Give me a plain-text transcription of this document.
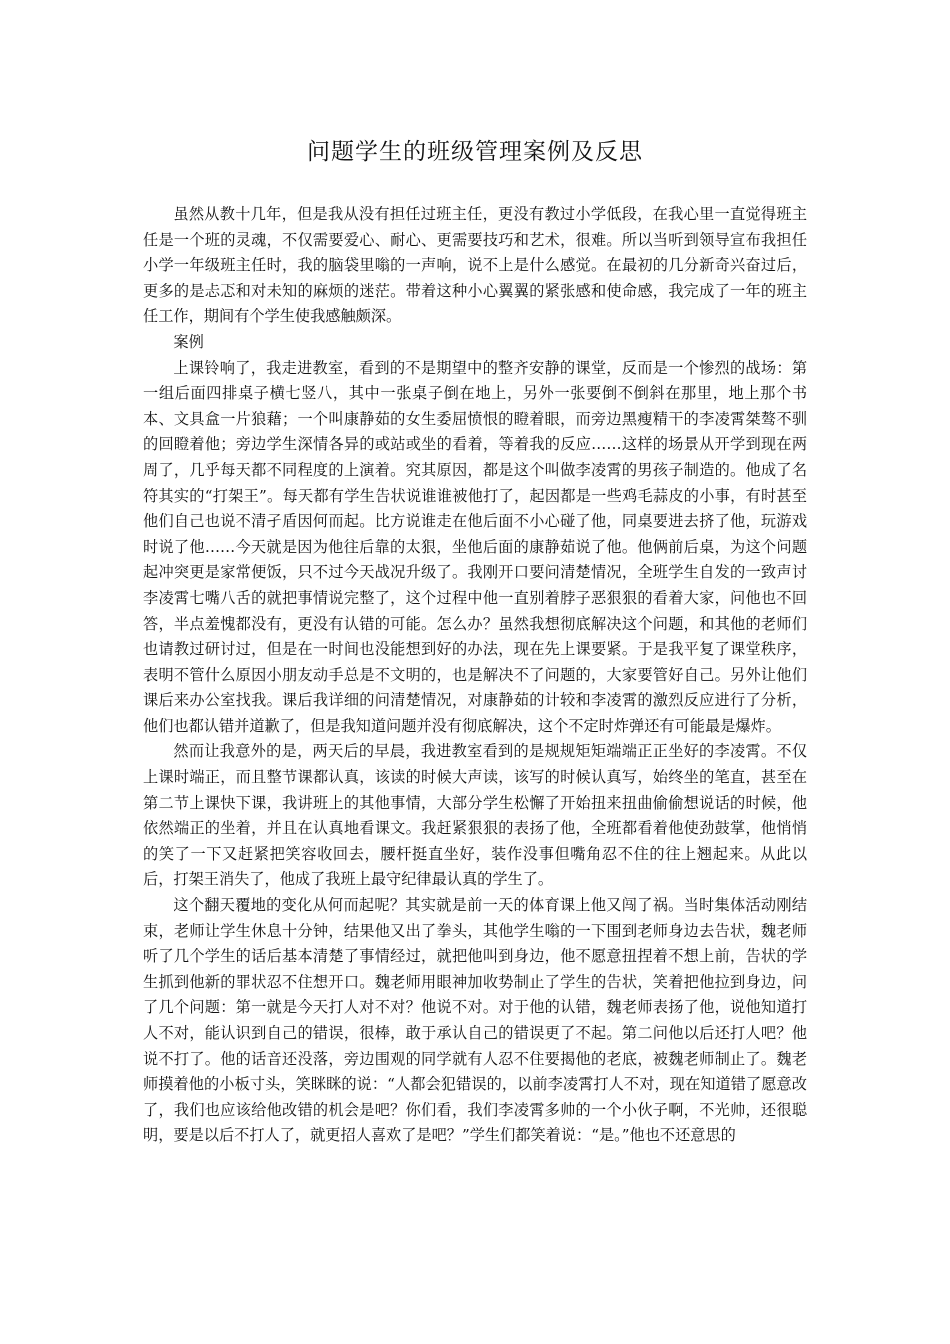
问题学生的班级管理案例及反思

虽然从教十几年，但是我从没有担任过班主任，更没有教过小学低段，在我心里一直觉得班主任是一个班的灵魂，不仅需要爱心、耐心、更需要技巧和艺术，很难。所以当听到领导宣布我担任小学一年级班主任时，我的脑袋里嗡的一声响，说不上是什么感觉。在最初的几分新奇兴奋过后，更多的是忐忑和对未知的麻烦的迷茫。带着这种小心翼翼的紧张感和使命感，我完成了一年的班主任工作，期间有个学生使我感触颇深。

案例

上课铃响了，我走进教室，看到的不是期望中的整齐安静的课堂，反而是一个惨烈的战场：第一组后面四排桌子横七竖八，其中一张桌子倒在地上，另外一张要倒不倒斜在那里，地上那个书本、文具盒一片狼藉；一个叫康静茹的女生委屈愤恨的瞪着眼，而旁边黑瘦精干的李凌霄桀骜不驯的回瞪着他；旁边学生深情各异的或站或坐的看着，等着我的反应……这样的场景从开学到现在两周了，几乎每天都不同程度的上演着。究其原因，都是这个叫做李凌霄的男孩子制造的。他成了名符其实的“打架王”。每天都有学生告状说谁谁被他打了，起因都是一些鸡毛蒜皮的小事，有时甚至他们自己也说不清孑盾因何而起。比方说谁走在他后面不小心碰了他，同桌要进去挤了他，玩游戏时说了他……今天就是因为他往后靠的太狠，坐他后面的康静茹说了他。他俩前后桌，为这个问题起冲突更是家常便饭，只不过今天战况升级了。我刚开口要问清楚情况，全班学生自发的一致声讨李凌霄七嘴八舌的就把事情说完整了，这个过程中他一直别着脖子恶狠狠的看着大家，问他也不回答，半点羞愧都没有，更没有认错的可能。怎么办？虽然我想彻底解决这个问题，和其他的老师们也请教过研讨过，但是在一时间也没能想到好的办法，现在先上课要紧。于是我平复了课堂秩序，表明不管什么原因小朋友动手总是不文明的，也是解决不了问题的，大家要管好自己。另外让他们课后来办公室找我。课后我详细的问清楚情况，对康静茹的计较和李凌霄的激烈反应进行了分析，他们也都认错并道歉了，但是我知道问题并没有彻底解决，这个不定时炸弹还有可能最是爆炸。

然而让我意外的是，两天后的早晨，我进教室看到的是规规矩矩端端正正坐好的李凌霄。不仅上课时端正，而且整节课都认真，该读的时候大声读，该写的时候认真写，始终坐的笔直，甚至在第二节上课快下课，我讲班上的其他事情，大部分学生松懈了开始扭来扭曲偷偷想说话的时候，他依然端正的坐着，并且在认真地看课文。我赶紧狠狠的表扬了他，全班都看着他使劲鼓掌，他悄悄的笑了一下又赶紧把笑容收回去，腰杆挺直坐好，装作没事但嘴角忍不住的往上翘起来。从此以后，打架王消失了，他成了我班上最守纪律最认真的学生了。

这个翻天覆地的变化从何而起呢？其实就是前一天的体育课上他又闯了祸。当时集体活动刚结束，老师让学生休息十分钟，结果他又出了拳头，其他学生嗡的一下围到老师身边去告状，魏老师听了几个学生的话后基本清楚了事情经过，就把他叫到身边，他不愿意扭捏着不想上前，告状的学生抓到他新的罪状忍不住想开口。魏老师用眼神加收势制止了学生的告状，笑着把他拉到身边，问了几个问题：第一就是今天打人对不对？他说不对。对于他的认错，魏老师表扬了他，说他知道打人不对，能认识到自己的错误，很棒，敢于承认自己的错误更了不起。第二问他以后还打人吧？他说不打了。他的话音还没落，旁边围观的同学就有人忍不住要揭他的老底，被魏老师制止了。魏老师摸着他的小板寸头，笑眯眯的说：“人都会犯错误的，以前李凌霄打人不对，现在知道错了愿意改了，我们也应该给他改错的机会是吧？你们看，我们李凌霄多帅的一个小伙子啊，不光帅，还很聪明，要是以后不打人了，就更招人喜欢了是吧？”学生们都笑着说：“是。”他也不还意思的
